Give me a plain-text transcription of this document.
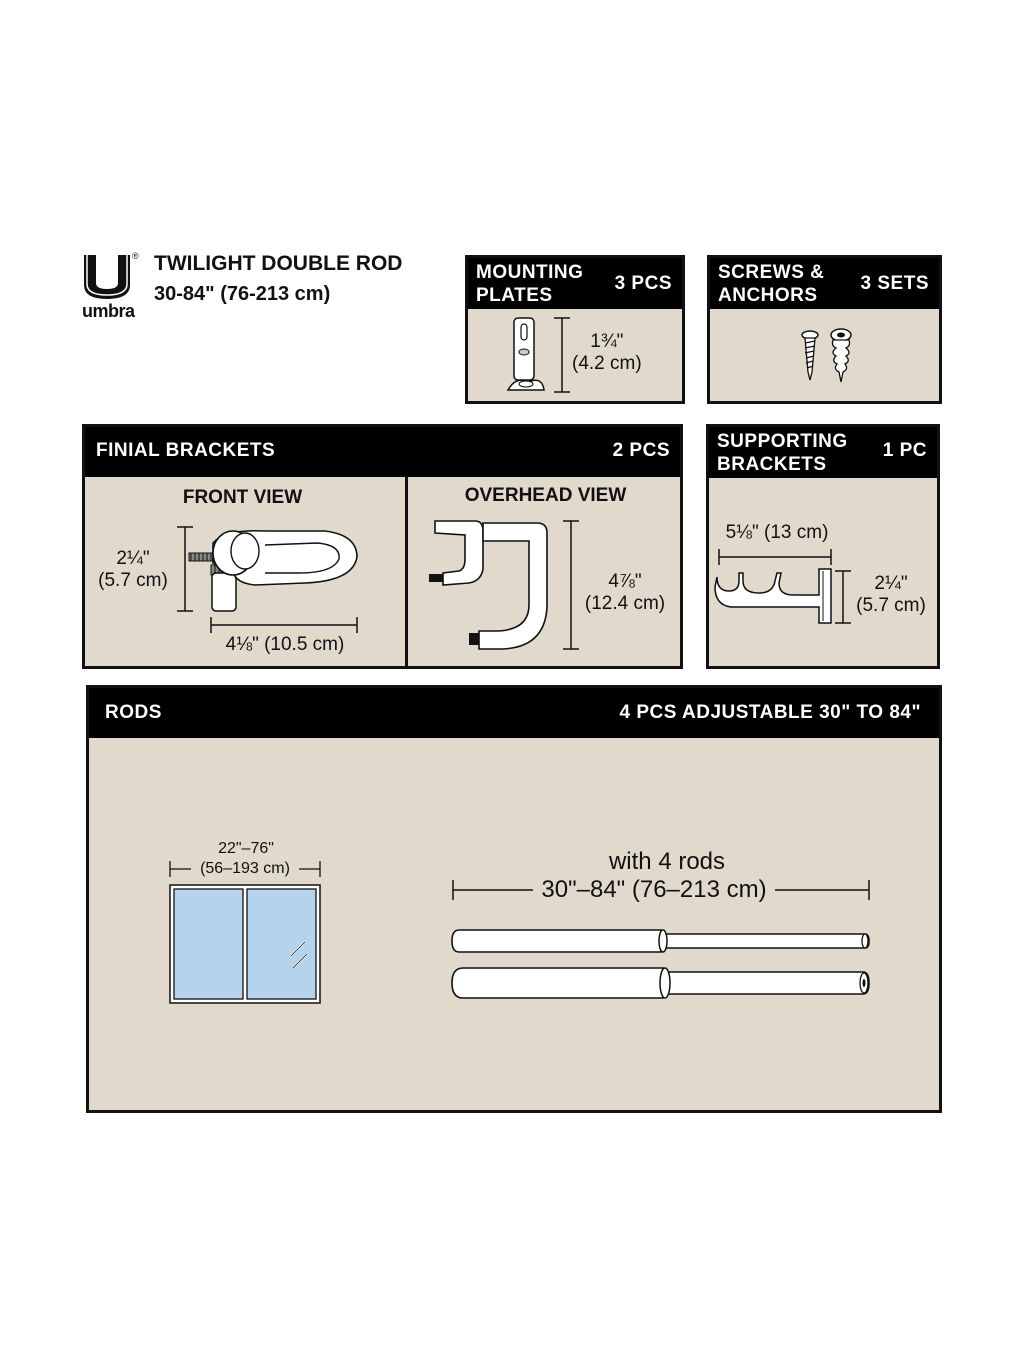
®
umbra
TWILIGHT DOUBLE ROD
30-84" (76-213 cm)
MOUNTING
PLATES
3 PCS
1¾"
(4.2 cm)
SCREWS &
ANCHORS
3 SETS
FINIAL BRACKETS	2 PCS
FRONT VIEW
2¼"
(5.7 cm)
4⅛" (10.5 cm)
OVERHEAD VIEW
4⅞"
(12.4 cm)
SUPPORTING
BRACKETS
1 PC
5⅛" (13 cm)
2¼"
(5.7 cm)
RODS	4 PCS ADJUSTABLE 30" TO 84"
22"–76"
(56–193 cm)	with 4 rods
30"–84" (76–213 cm)
